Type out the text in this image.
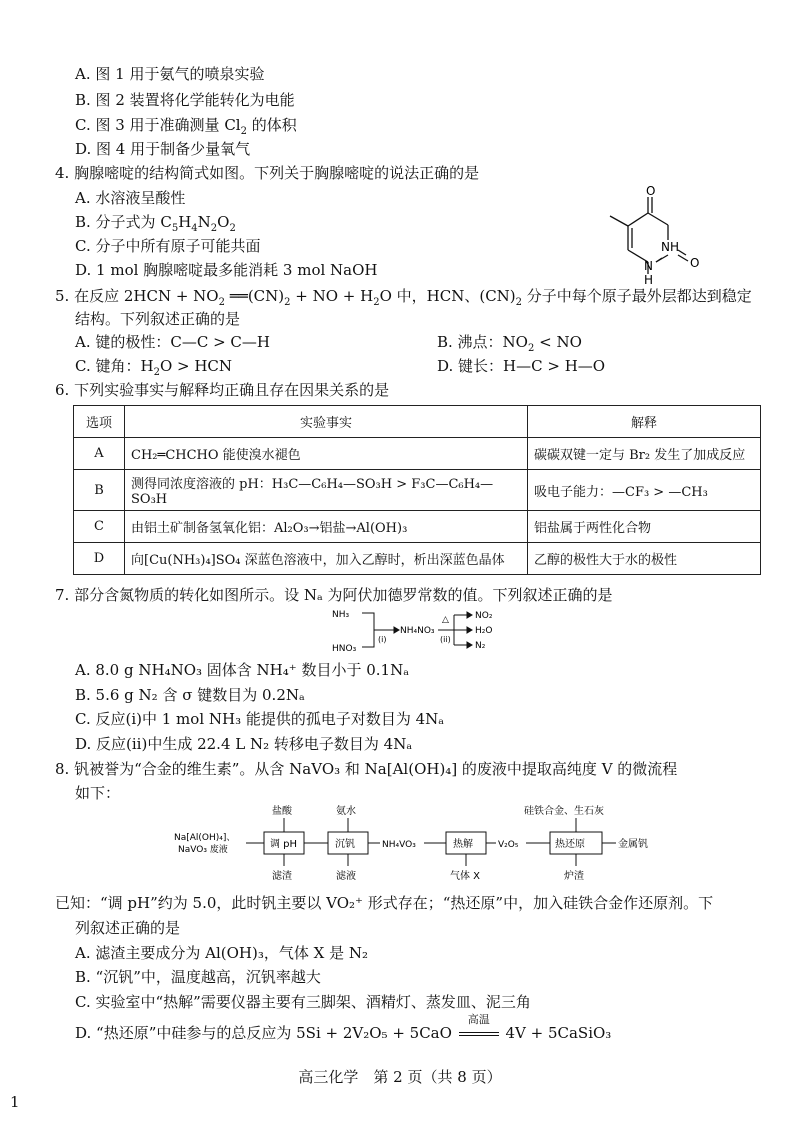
A. 图 1 用于氨气的喷泉实验
B. 图 2 装置将化学能转化为电能
C. 图 3 用于准确测量 $Cl_2$ 的体积
D. 图 4 用于制备少量氧气
4. 胸腺嘧啶的结构简式如图。下列关于胸腺嘧啶的说法正确的是
A. 水溶液呈酸性
B. 分子式为 $C_5H_4N_2O_2$
C. 分子中所有原子可能共面
D. 1 mol 胸腺嘧啶最多能消耗 3 mol NaOH
O
NH
O
N
H
5. 在反应 $2HCN + NO_2$ $══(CN)_2$ + NO + $H_2O$ 中，HCN、$(CN)_2$ 分子中每个原子最外层都达到稳定
结构。下列叙述正确的是
A. 键的极性：C—C > C—H	B. 沸点：$NO_2$ < NO
C. 键角：$H_2O$ > HCN	D. 键长：H—C > H—O
6. 下列实验事实与解释均正确且存在因果关系的是
选项	实验事实	解释
A	CH₂═CHCHO 能使溴水褪色	碳碳双键一定与 Br₂ 发生了加成反应
B	测得同浓度溶液的 pH：H₃C—C₆H₄—SO₃H > F₃C—C₆H₄—SO₃H	吸电子能力：—CF₃ > —CH₃
C	由铝土矿制备氢氧化铝：Al₂O₃→铝盐→Al(OH)₃	铝盐属于两性化合物
D	向[Cu(NH₃)₄]SO₄ 深蓝色溶液中，加入乙醇时，析出深蓝色晶体	乙醇的极性大于水的极性
7. 部分含氮物质的转化如图所示。设 Nₐ 为阿伏加德罗常数的值。下列叙述正确的是
NH₃
HNO₃
(i)
NH₄NO₃
△
(ii)
NO₂
H₂O
N₂
A. 8.0 g NH₄NO₃ 固体含 NH₄⁺ 数目小于 0.1Nₐ
B. 5.6 g N₂ 含 σ 键数目为 0.2Nₐ
C. 反应(i)中 1 mol NH₃ 能提供的孤电子对数目为 4Nₐ
D. 反应(ii)中生成 22.4 L N₂ 转移电子数目为 4Nₐ
8. 钒被誉为“合金的维生素”。从含 NaVO₃ 和 Na[Al(OH)₄] 的废液中提取高纯度 V 的微流程
如下：
Na[Al(OH)₄]、
NaVO₃ 废液	调 pH	沉钒	热解	热还原
盐酸	氨水	硅铁合金、生石灰
NH₄VO₃	V₂O₅	金属钒
滤渣	滤液	气体 X	炉渣
已知：“调 pH”约为 5.0，此时钒主要以 VO₂⁺ 形式存在；“热还原”中，加入硅铁合金作还原剂。下
列叙述正确的是
A. 滤渣主要成分为 Al(OH)₃，气体 X 是 N₂
B. “沉钒”中，温度越高，沉钒率越大
C. 实验室中“热解”需要仪器主要有三脚架、酒精灯、蒸发皿、泥三角
D. “热还原”中硅参与的总反应为 5Si + 2V₂O₅ + 5CaO
高温
4V + 5CaSiO₃
高三化学　第 2 页（共 8 页）
1
